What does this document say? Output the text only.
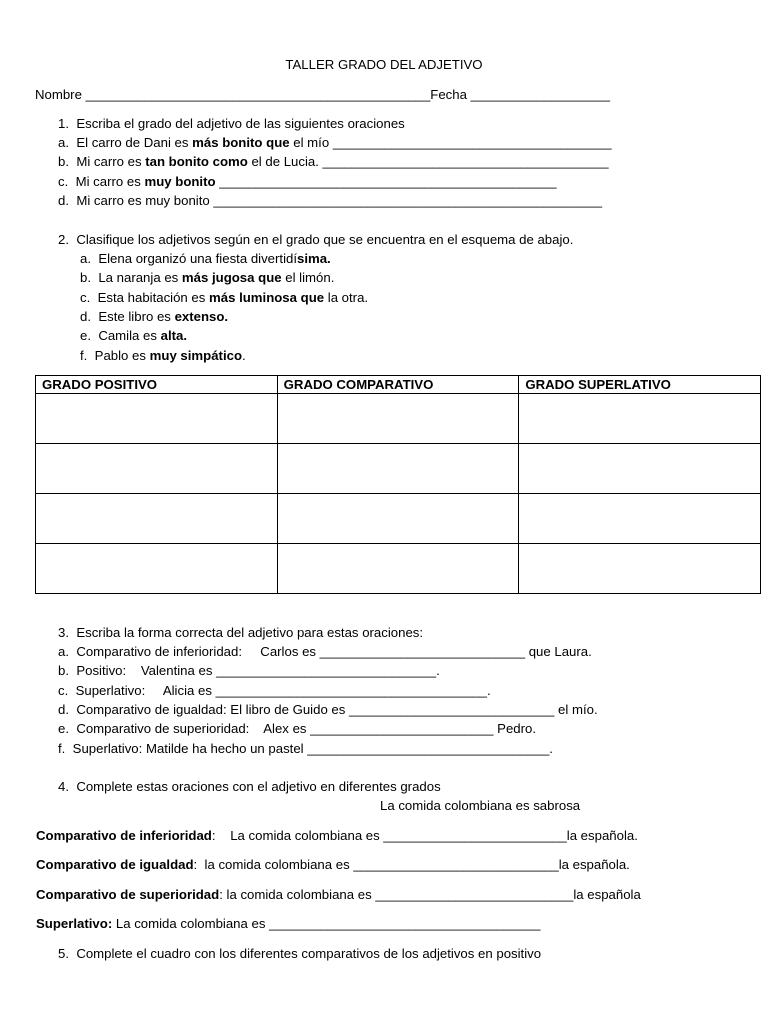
TALLER GRADO DEL ADJETIVO
Nombre _______________________________________________Fecha ___________________
1. Escriba el grado del adjetivo de las siguientes oraciones
a. El carro de Dani es más bonito que el mío ______________________________________
b. Mi carro es tan bonito como el de Lucia. _______________________________________
c. Mi carro es muy bonito ______________________________________________
d. Mi carro es muy bonito _____________________________________________________
2. Clasifique los adjetivos según en el grado que se encuentra en el esquema de abajo.
a. Elena organizó una fiesta divertidísima.
b. La naranja es más jugosa que el limón.
c. Esta habitación es más luminosa que la otra.
d. Este libro es extenso.
e. Camila es alta.
f. Pablo es muy simpático.
GRADO POSITIVO	GRADO COMPARATIVO	GRADO SUPERLATIVO

3. Escriba la forma correcta del adjetivo para estas oraciones:
a. Comparativo de inferioridad:     Carlos es ____________________________ que Laura.
b. Positivo:    Valentina es ______________________________.
c. Superlativo:     Alicia es _____________________________________.
d. Comparativo de igualdad: El libro de Guido es ____________________________ el mío.
e. Comparativo de superioridad:    Alex es _________________________ Pedro.
f. Superlativo: Matilde ha hecho un pastel _________________________________.
4. Complete estas oraciones con el adjetivo en diferentes grados
La comida colombiana es sabrosa
Comparativo de inferioridad:    La comida colombiana es _________________________la española.
Comparativo de igualdad:  la comida colombiana es ____________________________la española.
Comparativo de superioridad: la comida colombiana es ___________________________la española
Superlativo: La comida colombiana es _____________________________________
5. Complete el cuadro con los diferentes comparativos de los adjetivos en positivo
